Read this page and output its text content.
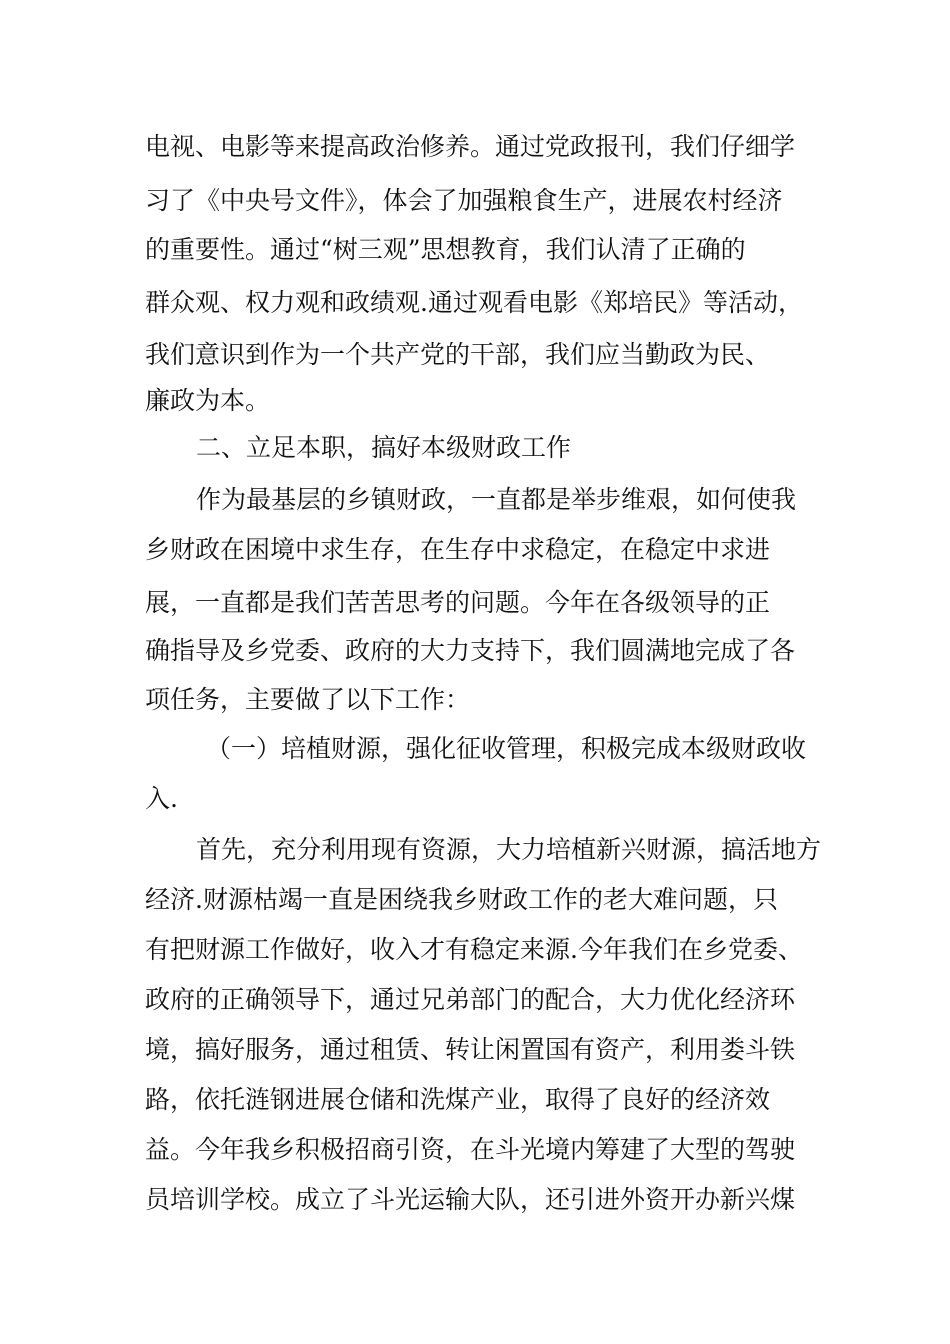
电视、电影等来提高政治修养。通过党政报刊，我们仔细学
习了《中央号文件》，体会了加强粮食生产，进展农村经济
的重要性。通过“树三观”思想教育，我们认清了正确的
群众观、权力观和政绩观.通过观看电影《郑培民》等活动，
我们意识到作为一个共产党的干部，我们应当勤政为民、
廉政为本。
二、立足本职，搞好本级财政工作
作为最基层的乡镇财政，一直都是举步维艰，如何使我
乡财政在困境中求生存，在生存中求稳定，在稳定中求进
展，一直都是我们苦苦思考的问题。今年在各级领导的正
确指导及乡党委、政府的大力支持下，我们圆满地完成了各
项任务，主要做了以下工作：
（一）培植财源，强化征收管理，积极完成本级财政收
入.
首先，充分利用现有资源，大力培植新兴财源，搞活地方
经济.财源枯竭一直是困绕我乡财政工作的老大难问题，只
有把财源工作做好，收入才有稳定来源.今年我们在乡党委、
政府的正确领导下，通过兄弟部门的配合，大力优化经济环
境，搞好服务，通过租赁、转让闲置国有资产，利用娄斗铁
路，依托涟钢进展仓储和洗煤产业，取得了良好的经济效
益。今年我乡积极招商引资，在斗光境内筹建了大型的驾驶
员培训学校。成立了斗光运输大队，还引进外资开办新兴煤
